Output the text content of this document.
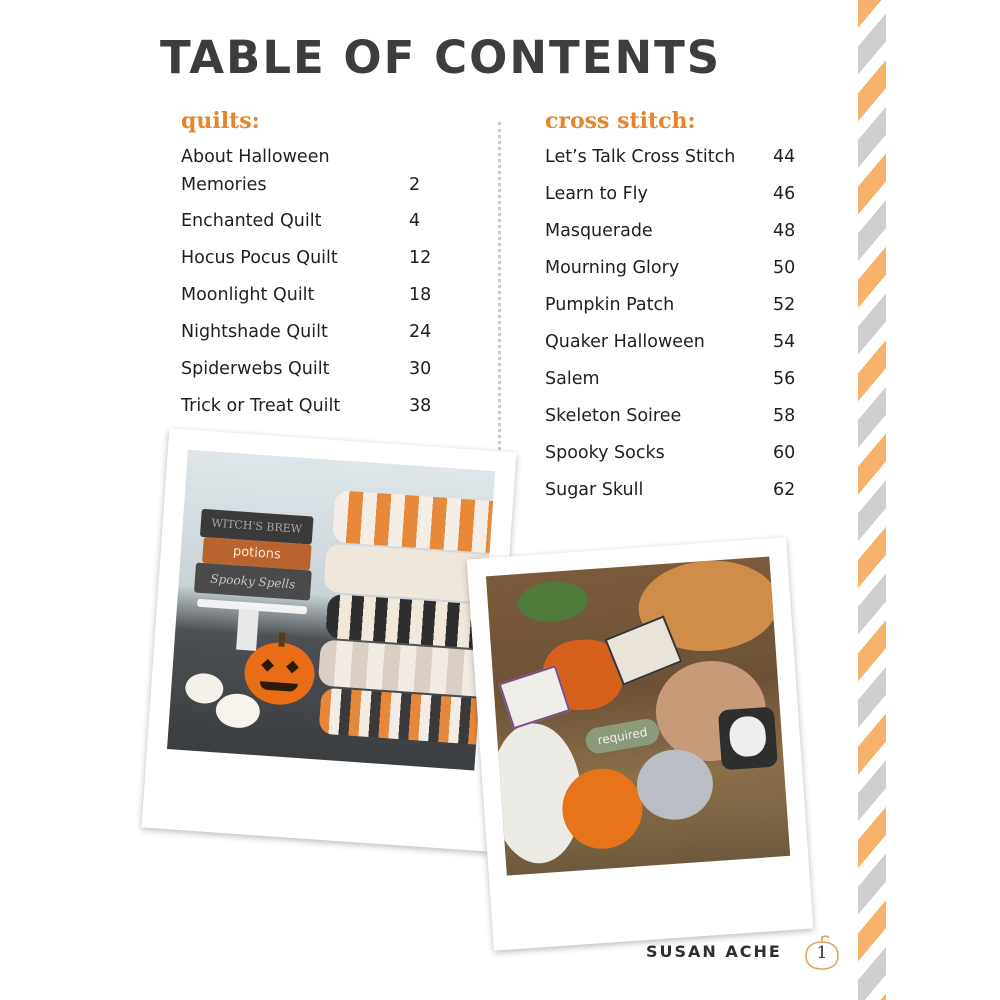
TABLE OF CONTENTS
quilts:
About Halloween
Memories	2
Enchanted Quilt	4
Hocus Pocus Quilt	12
Moonlight Quilt	18
Nightshade Quilt	24
Spiderwebs Quilt	30
Trick or Treat Quilt	38
cross stitch:
Let’s Talk Cross Stitch 44
Learn to Fly	46
Masquerade	48
Mourning Glory	50
Pumpkin Patch	52
Quaker Halloween	54
Salem	56
Skeleton Soiree	58
Spooky Socks	60
Sugar Skull	62
WITCH'S BREW
potions
Spooky Spells
required
SUSAN ACHE	1
